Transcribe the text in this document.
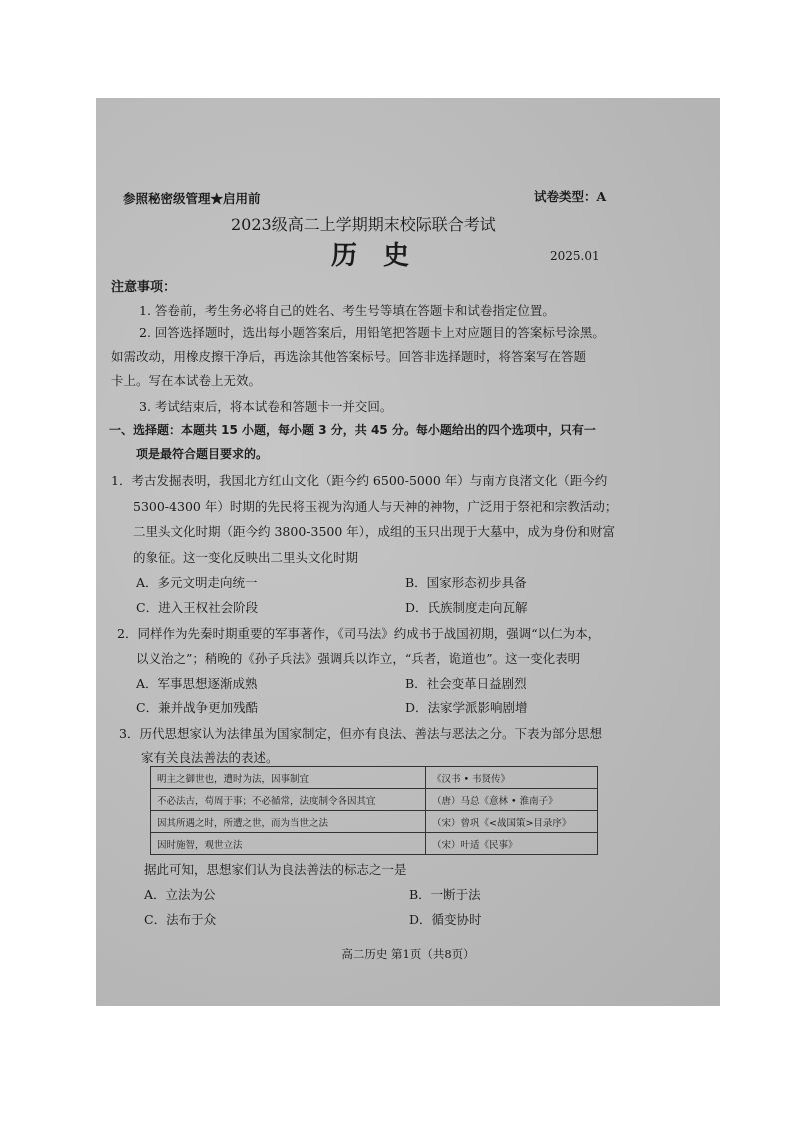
参照秘密级管理★启用前	试卷类型：A
2023级高二上学期期末校际联合考试
历　史	2025.01
注意事项：
1. 答卷前，考生务必将自己的姓名、考生号等填在答题卡和试卷指定位置。
2. 回答选择题时，选出每小题答案后，用铅笔把答题卡上对应题目的答案标号涂黑。
如需改动，用橡皮擦干净后，再选涂其他答案标号。回答非选择题时，将答案写在答题
卡上。写在本试卷上无效。
3. 考试结束后，将本试卷和答题卡一并交回。
一、选择题：本题共 15 小题，每小题 3 分，共 45 分。每小题给出的四个选项中，只有一
项是最符合题目要求的。
1．考古发掘表明，我国北方红山文化（距今约 6500-5000 年）与南方良渚文化（距今约
5300-4300 年）时期的先民将玉视为沟通人与天神的神物，广泛用于祭祀和宗教活动；
二里头文化时期（距今约 3800-3500 年），成组的玉只出现于大墓中，成为身份和财富
的象征。这一变化反映出二里头文化时期
A．多元文明走向统一	B．国家形态初步具备
C．进入王权社会阶段	D．氏族制度走向瓦解
2．同样作为先秦时期重要的军事著作，《司马法》约成书于战国初期，强调“以仁为本，
以义治之”；稍晚的《孙子兵法》强调兵以诈立，“兵者，诡道也”。这一变化表明
A．军事思想逐渐成熟	B．社会变革日益剧烈
C．兼并战争更加残酷	D．法家学派影响剧增
3．历代思想家认为法律虽为国家制定，但亦有良法、善法与恶法之分。下表为部分思想
家有关良法善法的表述。
明主之御世也，遭时为法，因事制宜	《汉书 • 韦贤传》
不必法古，苟周于事；不必循常，法度制令各因其宜	（唐）马总《意林 • 淮南子》
因其所遇之时，所遭之世，而为当世之法	（宋）曾巩《<战国策>目录序》
因时施智，观世立法	（宋）叶适《民事》
据此可知，思想家们认为良法善法的标志之一是
A．立法为公	B．一断于法
C．法布于众	D．循变协时
高二历史 第1页（共8页）
